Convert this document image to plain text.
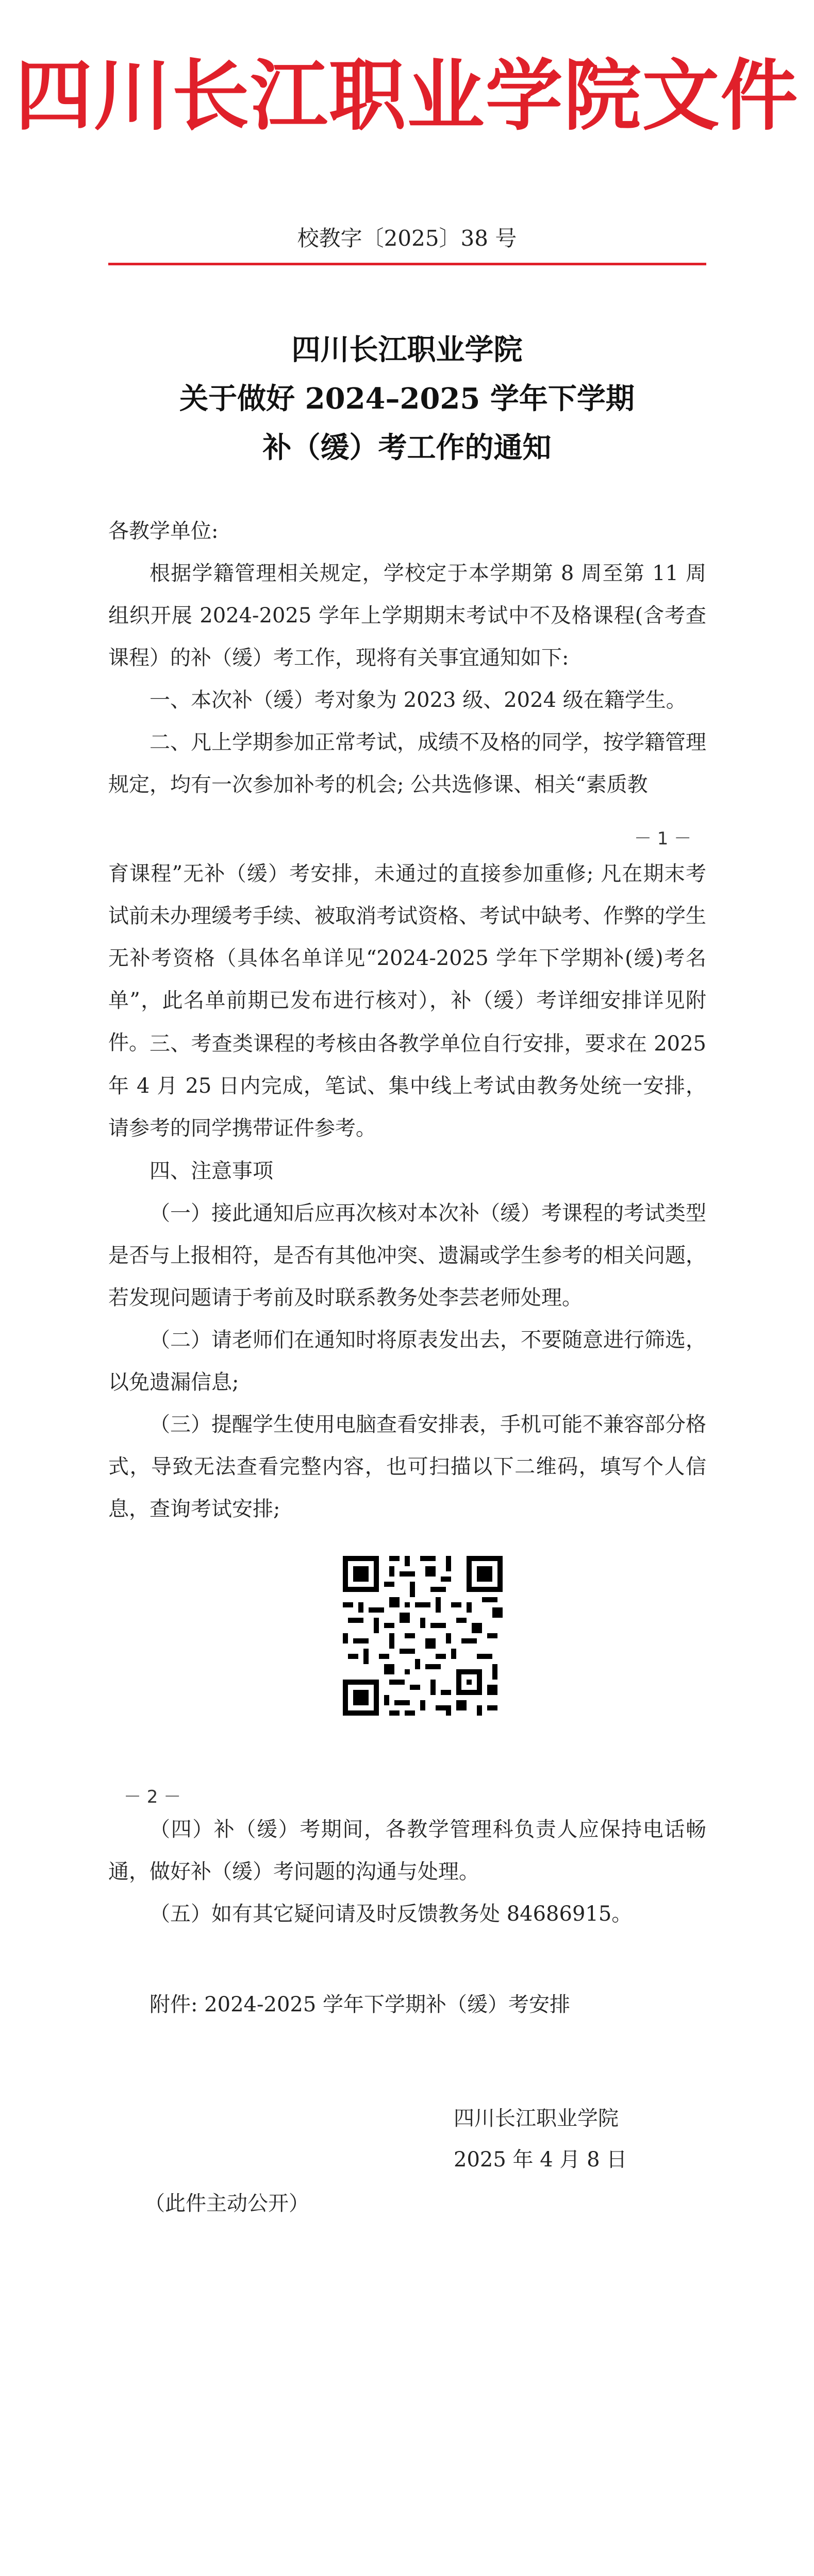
四川长江职业学院文件
校教字〔2025〕38 号
四川长江职业学院
关于做好 2024–2025 学年下学期
补（缓）考工作的通知
各教学单位:
根据学籍管理相关规定，学校定于本学期第 8 周至第 11 周组织开展 2024-2025 学年上学期期末考试中不及格课程(含考查课程）的补（缓）考工作，现将有关事宜通知如下:
一、本次补（缓）考对象为 2023 级、2024 级在籍学生。
二、凡上学期参加正常考试，成绩不及格的同学，按学籍管理规定，均有一次参加补考的机会; 公共选修课、相关“素质教
－ 1 －
育课程”无补（缓）考安排，未通过的直接参加重修; 凡在期末考试前未办理缓考手续、被取消考试资格、考试中缺考、作弊的学生无补考资格（具体名单详见“2024-2025 学年下学期补(缓)考名单”，此名单前期已发布进行核对），补（缓）考详细安排详见附件。 三、考查类课程的考核由各教学单位自行安排，要求在 2025 年 4 月 25 日内完成，笔试、集中线上考试由教务处统一安排，请参考的同学携带证件参考。
四、注意事项
（一）接此通知后应再次核对本次补（缓）考课程的考试类型是否与上报相符，是否有其他冲突、遗漏或学生参考的相关问题，若发现问题请于考前及时联系教务处李芸老师处理。
（二）请老师们在通知时将原表发出去，不要随意进行筛选，以免遗漏信息;
（三）提醒学生使用电脑查看安排表，手机可能不兼容部分格式，导致无法查看完整内容，也可扫描以下二维码，填写个人信息，查询考试安排;
－ 2 －
（四）补（缓）考期间，各教学管理科负责人应保持电话畅通，做好补（缓）考问题的沟通与处理。
（五）如有其它疑问请及时反馈教务处 84686915。
附件: 2024-2025 学年下学期补（缓）考安排
四川长江职业学院
2025 年 4 月 8 日
（此件主动公开）
